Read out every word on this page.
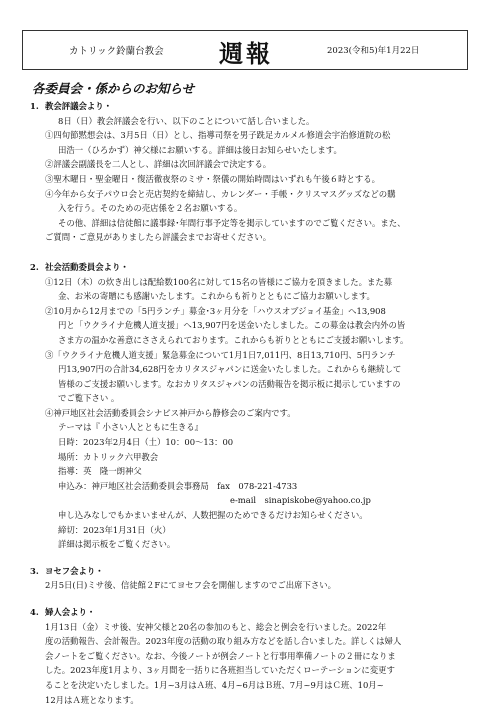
カトリック鈴蘭台教会 週報	2023(令和5)年1月22日
各委員会・係からのお知らせ
1. 教会評議会より・
8日（日）教会評議会を行い、以下のことについて話し合いました。
①四旬節黙想会は、3月5日（日）とし、指導司祭を男子跣足カルメル修道会宇治修道院の松
田浩一（ひろかず）神父様にお願いする。詳細は後日お知らせいたします。
②評議会副議長を二人とし、詳細は次回評議会で決定する。
③聖木曜日・聖金曜日・復活徹夜祭のミサ・祭儀の開始時間はいずれも午後６時とする。
④今年から女子パウロ会と売店契約を締結し、カレンダー・手帳・クリスマスグッズなどの購
入を行う。そのための売店係を２名お願いする。
その他、詳細は信徒館に議事録･年間行事予定等を掲示していますのでご覧ください。また、
ご質問・ご意見がありましたら評議会までお寄せください。
2. 社会活動委員会より・
①12日（木）の炊き出しは配給数100名に対して15名の皆様にご協力を頂きました。また募
金、お米の寄贈にも感謝いたします。これからも祈りとともにご協力お願いします。
②10月から12月までの「5円ランチ」募金･3ヶ月分を「ハウスオブジョイ基金」へ13,908
円と「ウクライナ危機人道支援」へ13,907円を送金いたしました。この募金は教会内外の皆
さま方の温かな善意にささえられております。これからも祈りとともにご支援お願いします。
③「ウクライナ危機人道支援」緊急募金について1月1日7,011円、8日13,710円、5円ランチ
円13,907円の合計34,628円をカリタスジャパンに送金いたしました。これからも継続して
皆様のご支援お願いします。なおカリタスジャパンの活動報告を掲示板に掲示していますの
でご覧下さい 。
④神戸地区社会活動委員会シナピス神戸から静修会のご案内です。
テーマは『 小さい人とともに生きる』
日時：2023年2月4日（土）10：00～13：00
場所：カトリック六甲教会
指導：英　隆一朗神父
申込み：神戸地区社会活動委員会事務局　fax　078-221-4733
e-mail　sinapiskobe@yahoo.co.jp
申し込みなしでもかまいませんが、人数把握のためできるだけお知らせください。
締切：2023年1月31日（火）
詳細は掲示板をご覧ください。
3. ヨセフ会より・
2月5日(日)ミサ後、信徒館２Fにてヨセフ会を開催しますのでご出席下さい。
4. 婦人会より・
1月13日（金）ミサ後、安神父様と20名の参加のもと、総会と例会を行いました。2022年
度の活動報告、会計報告。2023年度の活動の取り組み方などを話し合いました。詳しくは婦人
会ノートをご覧ください。なお、今後ノートが例会ノートと行事用準備ノートの２冊になりま
した。2023年度1月より、3ヶ月間を一括りに各班担当していただくローテーションに変更す
ることを決定いたしました。1月~3月はＡ班、4月~6月はＢ班、7月~9月はＣ班、10月~
12月はＡ班となります。
